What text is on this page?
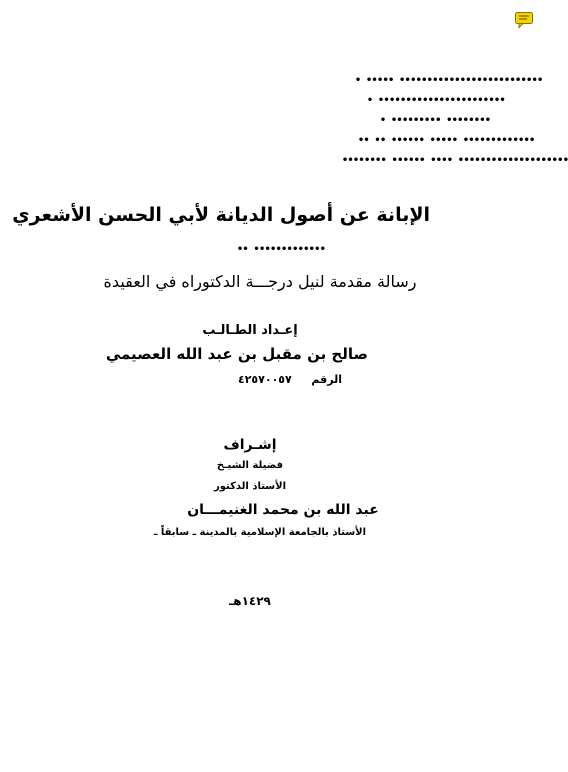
• ••••• ••••••••••••••••••••••••••
• •••••••••••••••••••••••
• ••••••••• ••••••••
•• •• •••••• ••••• •••••••••••••
•••••••• •••••• •••• ••••••••••••••••••••
الإبانة عن أصول الديانة لأبي الحسن الأشعري
•• •••••••••••••
رسالة مقدمة لنيل درجـــة الدكتوراه في العقيدة
إعـداد الطـالـب
صالح بن مقبل بن عبد الله العصيمي
الرقم
٤٢٥٧٠٠٥٧
إشـراف
فضيلة الشيـخ
الأستاذ الدكتور
عبد الله بن محمد الغنيمـــان
الأستاذ بالجامعة الإسلامية بالمدينة ـ سابقاً ـ
١٤٢٩هـ
